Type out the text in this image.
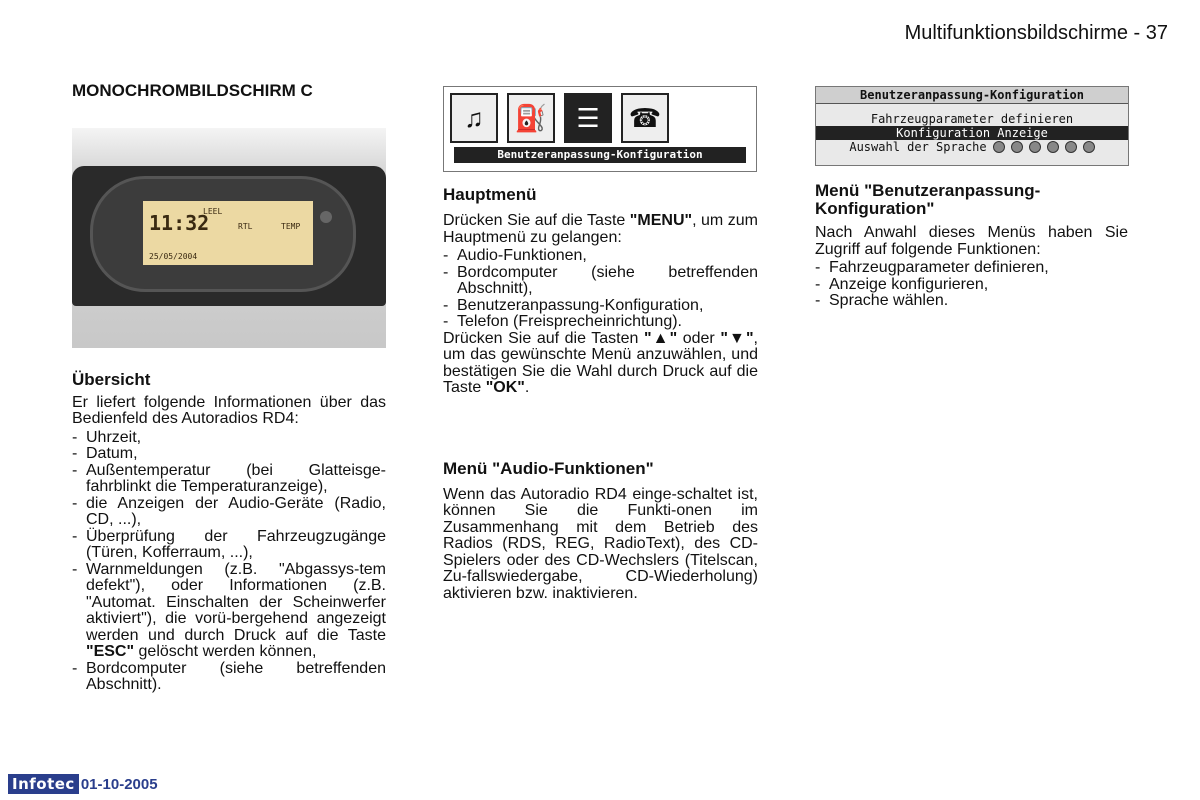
Multifunktionsbildschirme - 37
MONOCHROMBILDSCHIRM C
LEEL
11:32	RTL	TEMP
25/05/2004
Übersicht

Er liefert folgende Informationen über das Bedienfeld des Autoradios RD4:

- Uhrzeit,
- Datum,
- Außentemperatur (bei Glatteisge-fahrblinkt die Temperaturanzeige),
- die Anzeigen der Audio-Geräte (Radio, CD, ...),
- Überprüfung der Fahrzeugzugänge (Türen, Kofferraum, ...),
- Warnmeldungen (z.B. "Abgassys-tem defekt"), oder Informationen (z.B. "Automat. Einschalten der Scheinwerfer aktiviert"), die vorü-bergehend angezeigt werden und durch Druck auf die Taste "ESC" gelöscht werden können,
- Bordcomputer (siehe betreffenden Abschnitt).
♫	⛽	☰	☎
Benutzeranpassung-Konfiguration
Hauptmenü

Drücken Sie auf die Taste "MENU", um zum Hauptmenü zu gelangen:

- Audio-Funktionen,
- Bordcomputer (siehe betreffenden Abschnitt),
- Benutzeranpassung-Konfiguration,
- Telefon (Freisprecheinrichtung).

Drücken Sie auf die Tasten "▲" oder "▼", um das gewünschte Menü anzuwählen, und bestätigen Sie die Wahl durch Druck auf die Taste "OK".

Menü "Audio-Funktionen"

Wenn das Autoradio RD4 einge-schaltet ist, können Sie die Funkti-onen im Zusammenhang mit dem Betrieb des Radios (RDS, REG, RadioText), des CD-Spielers oder des CD-Wechslers (Titelscan, Zu-fallswiedergabe, CD-Wiederholung) aktivieren bzw. inaktivieren.

Benutzeranpassung-Konfiguration
Fahrzeugparameter definieren
Konfiguration Anzeige
Auswahl der Sprache
Menü "Benutzeranpassung-Konfiguration"

Nach Anwahl dieses Menüs haben Sie Zugriff auf folgende Funktionen:

- Fahrzeugparameter definieren,
- Anzeige konfigurieren,
- Sprache wählen.
Infotec 01-10-2005
